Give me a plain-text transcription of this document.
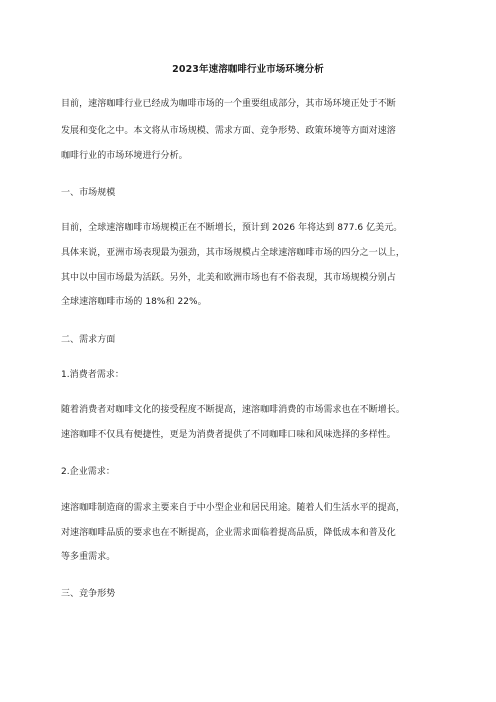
2023年速溶咖啡行业市场环境分析
目前，速溶咖啡行业已经成为咖啡市场的一个重要组成部分，其市场环境正处于不断
发展和变化之中。本文将从市场规模、需求方面、竞争形势、政策环境等方面对速溶
咖啡行业的市场环境进行分析。
一、市场规模
目前，全球速溶咖啡市场规模正在不断增长，预计到 2026 年将达到 877.6 亿美元。
具体来说，亚洲市场表现最为强劲，其市场规模占全球速溶咖啡市场的四分之一以上，
其中以中国市场最为活跃。另外，北美和欧洲市场也有不俗表现，其市场规模分别占
全球速溶咖啡市场的 18%和 22%。
二、需求方面
1.消费者需求：
随着消费者对咖啡文化的接受程度不断提高，速溶咖啡消费的市场需求也在不断增长。
速溶咖啡不仅具有便捷性，更是为消费者提供了不同咖啡口味和风味选择的多样性。
2.企业需求：
速溶咖啡制造商的需求主要来自于中小型企业和居民用途。随着人们生活水平的提高，
对速溶咖啡品质的要求也在不断提高，企业需求面临着提高品质，降低成本和普及化
等多重需求。
三、竞争形势
